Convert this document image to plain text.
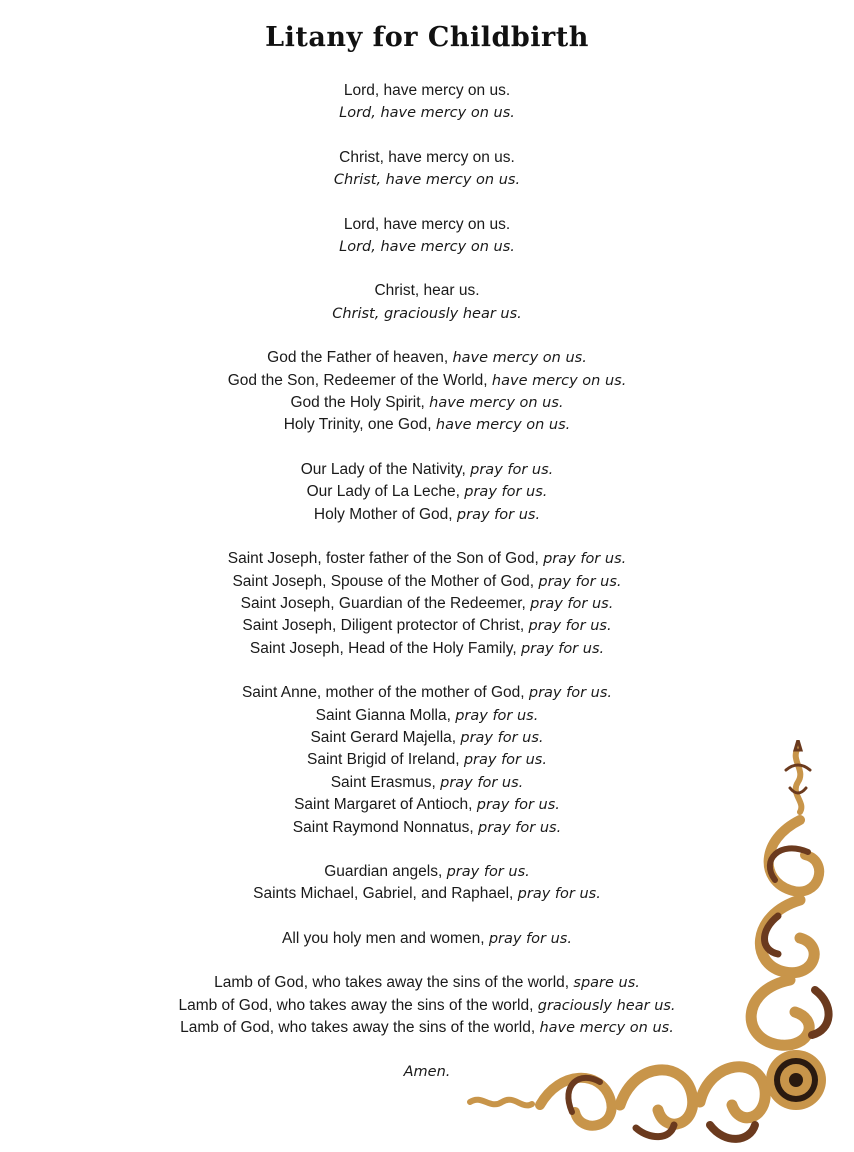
Litany for Childbirth
Lord, have mercy on us.
Lord, have mercy on us.
Christ, have mercy on us.
Christ, have mercy on us.
Lord, have mercy on us.
Lord, have mercy on us.
Christ, hear us.
Christ, graciously hear us.
God the Father of heaven, have mercy on us.
God the Son, Redeemer of the World, have mercy on us.
God the Holy Spirit, have mercy on us.
Holy Trinity, one God, have mercy on us.
Our Lady of the Nativity, pray for us.
Our Lady of La Leche, pray for us.
Holy Mother of God, pray for us.
Saint Joseph, foster father of the Son of God, pray for us.
Saint Joseph, Spouse of the Mother of God, pray for us.
Saint Joseph, Guardian of the Redeemer, pray for us.
Saint Joseph, Diligent protector of Christ, pray for us.
Saint Joseph, Head of the Holy Family, pray for us.
Saint Anne, mother of the mother of God, pray for us.
Saint Gianna Molla, pray for us.
Saint Gerard Majella, pray for us.
Saint Brigid of Ireland, pray for us.
Saint Erasmus, pray for us.
Saint Margaret of Antioch, pray for us.
Saint Raymond Nonnatus, pray for us.
Guardian angels, pray for us.
Saints Michael, Gabriel, and Raphael, pray for us.
All you holy men and women, pray for us.
Lamb of God, who takes away the sins of the world, spare us.
Lamb of God, who takes away the sins of the world, graciously hear us.
Lamb of God, who takes away the sins of the world, have mercy on us.
Amen.
